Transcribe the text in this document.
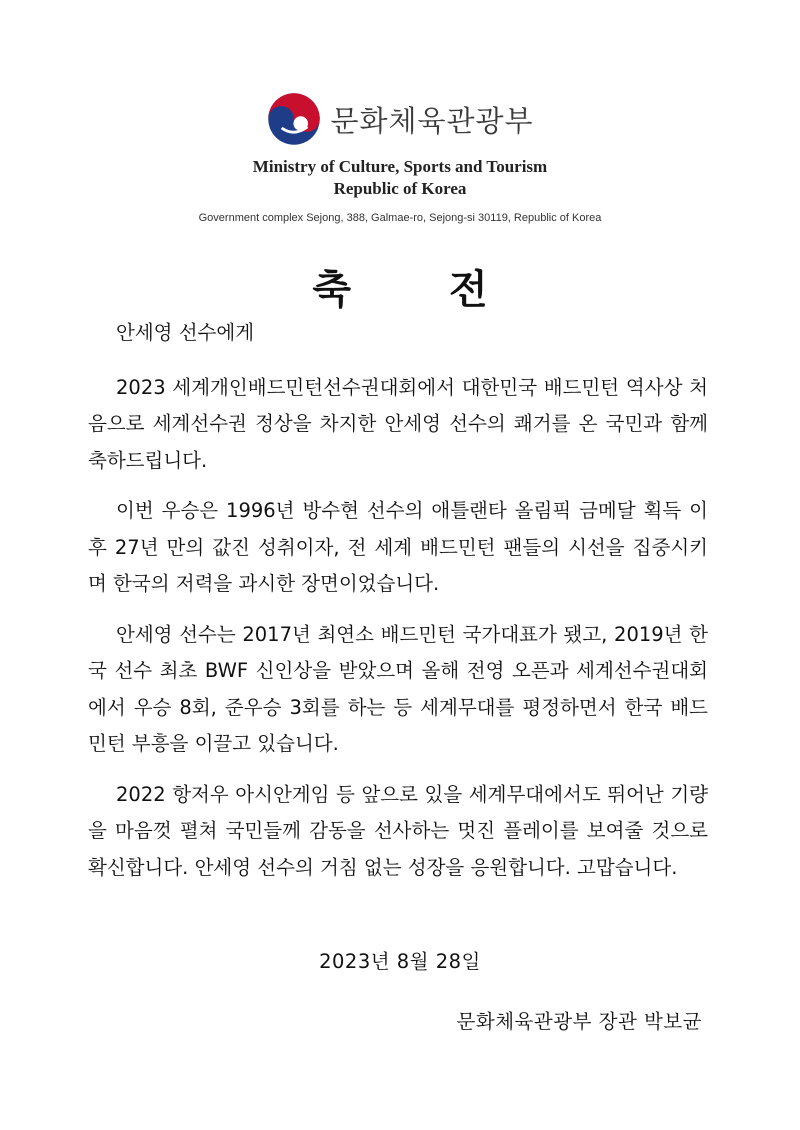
문화체육관광부
Ministry of Culture, Sports and Tourism
Republic of Korea
Government complex Sejong, 388, Galmae-ro, Sejong-si 30119, Republic of Korea
축 전

안세영 선수에게

2023 세계개인배드민턴선수권대회에서 대한민국 배드민턴 역사상 처음으로 세계선수권 정상을 차지한 안세영 선수의 쾌거를 온 국민과 함께 축하드립니다.

이번 우승은 1996년 방수현 선수의 애틀랜타 올림픽 금메달 획득 이후 27년 만의 값진 성취이자, 전 세계 배드민턴 팬들의 시선을 집중시키며 한국의 저력을 과시한 장면이었습니다.

안세영 선수는 2017년 최연소 배드민턴 국가대표가 됐고, 2019년 한국 선수 최초 BWF 신인상을 받았으며 올해 전영 오픈과 세계선수권대회에서 우승 8회, 준우승 3회를 하는 등 세계무대를 평정하면서 한국 배드민턴 부흥을 이끌고 있습니다.

2022 항저우 아시안게임 등 앞으로 있을 세계무대에서도 뛰어난 기량을 마음껏 펼쳐 국민들께 감동을 선사하는 멋진 플레이를 보여줄 것으로 확신합니다. 안세영 선수의 거침 없는 성장을 응원합니다. 고맙습니다.

2023년 8월 28일
문화체육관광부 장관 박보균
